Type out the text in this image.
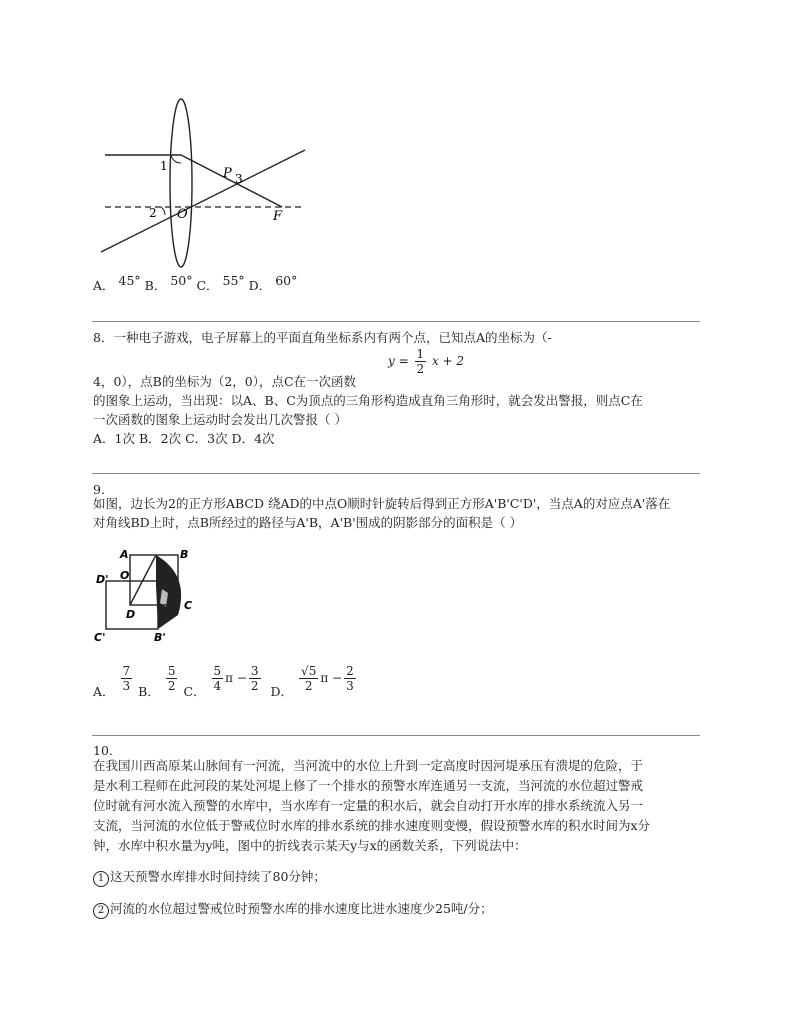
1
2
3
P
O	F
A． 45° B． 50° C． 55° D． 60°
8．一种电子游戏，电子屏幕上的平面直角坐标系内有两个点，已知点A的坐标为（-
$y = \frac{1}{2}$ x + 2
4，0），点B的坐标为（2，0），点C在一次函数
的图象上运动，当出现：以A、B、C为顶点的三角形构造成直角三角形时，就会发出警报，则点C在
一次函数的图象上运动时会发出几次警报（ ）
A．1次 B．2次 C．3次 D．4次
9.
如图，边长为2的正方形ABCD 绕AD的中点O顺时针旋转后得到正方形A'B'C'D'，当点A的对应点A'落在
对角线BD上时，点B所经过的路径与A'B，A'B'围成的阴影部分的面积是（ ）
A	B
O
D'
D
C
C'	B'
A． $\frac{7}{3}$ B． $\frac{5}{2}$ C． $\frac{5}{4}$ $\pi - \frac{3}{2}$ D． $\frac{√5}{2}$ $\pi - \frac{2}{3}$
10.
在我国川西高原某山脉间有一河流，当河流中的水位上升到一定高度时因河堤承压有溃堤的危险，于
是水利工程师在此河段的某处河堤上修了一个排水的预警水库连通另一支流，当河流的水位超过警戒
位时就有河水流入预警的水库中，当水库有一定量的积水后，就会自动打开水库的排水系统流入另一
支流，当河流的水位低于警戒位时水库的排水系统的排水速度则变慢，假设预警水库的积水时间为x分
钟，水库中积水量为y吨，图中的折线表示某天y与x的函数关系，下列说法中：
1 这天预警水库排水时间持续了80分钟；
2 河流的水位超过警戒位时预警水库的排水速度比进水速度少25吨/分；
